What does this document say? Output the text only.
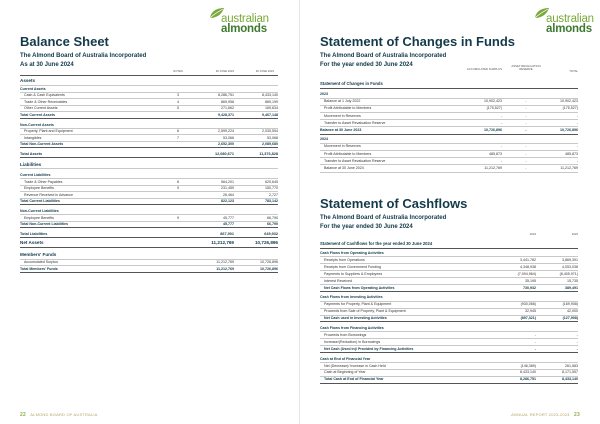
Balance Sheet
The Almond Board of Australia Incorporated
As at 30 June 2024
NOTES	30 JUNE 2024	30 JUNE 2023
Assets
Current Assets
Cash & Cash Equivalents	3	8,286,751	8,433,140
Trade & Other Receivables	4	869,958	869,199
Other Current Assets	5	271,662	169,634
Total Current Assets	9,428,371	9,467,148
Non-Current Assets
Property, Plant and Equipment	6	2,599,224	2,030,594
Intangibles	7	53,066	53,066
Total Non-Current Assets	2,652,300	2,089,680
Total Assets	12,080,671	11,376,828
Liabilities
Current Liabilities
Trade & Other Payables	8	564,201	620,645
Employee Benefits	9	231,459	150,770
Revenue Received in Advance	26,464	2,727
Total Current Liabilities	822,123	783,142
Non-Current Liabilities
Employee Benefits	9	45,777	66,790
Total Non-Current Liabilities	45,777	66,790
Total Liabilities	867,901	649,932
Net Assets	11,212,769	10,726,896
Members' Funds
Accumulated Surplus	11,212,769	10,726,896
Total Members' Funds	11,212,769	10,726,896
australian
almonds
22 ALMOND BOARD OF AUSTRALIA
australian
almonds
Statement of Changes in Funds
The Almond Board of Australia Incorporated
For the year ended 30 June 2024
ACCUMULATED SURPLUS
ASSET REVALUATION RESERVE	TOTAL
Statement of Changes in Funds
2023
Balance at 1 July 2022	10,902,423	-	10,902,423
Profit Attributable to Members	(175,527)	-	(175,527)
Movement in Reserves	-	-	-
Transfer to Asset Revaluation Reserve	-	-	-
Balance at 30 June 2023	10,726,896	-	10,726,896
2024
Movement in Reserves	-	-	-
Profit Attributable to Members	485,873	-	485,873
Transfer to Asset Revaluation Reserve	-	-	-
Balance at 30 June 2024	11,212,769	-	11,212,769
Statement of Cashflows
The Almond Board of Australia Incorporated
For the year ended 30 June 2024
2024	2023
Statement of Cashflows for the year ended 30 June 2024
Cash Flows from Operating Activities
Receipts from Operations	3,441,782	3,869,391
Receipts from Government Funding	4,348,938	4,053,038
Payments to Suppliers & Employees	(7,094,964)	(8,405,971)
Interest Received	35,195	15,735
Net Cash Flows from Operating Activities	730,932	389,491
Cash Flows from Investing Activities
Payments for Property, Plant & Equipment	(930,066)	(169,908)
Proceeds from Sale of Property, Plant & Equipment	32,945	42,000
Net Cash used in Investing Activities	(897,321)	(127,908)
Cash Flows from Financing Activities
Proceeds from Borrowings	-	-
Increase/(Reduction) in Borrowings	-	-
Net Cash (Used in)/ Provided by Financing Activities	-	-
Cash at End of Financial Year
Net (Decrease)/ Increase in Cash Held	(146,389)	261,583
Cash at Beginning of Year	8,433,140	8,171,557
Total Cash at End of Financial Year	8,286,751	8,433,140
ANNUAL REPORT 2023-2024 23
